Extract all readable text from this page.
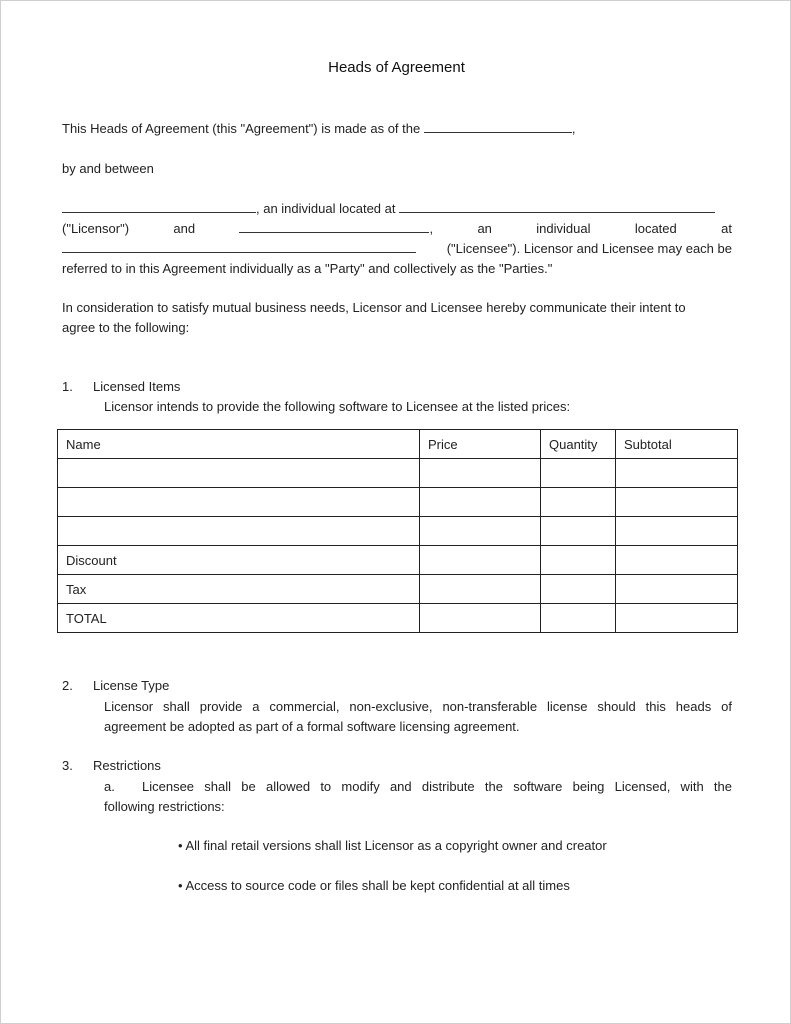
Heads of Agreement
This Heads of Agreement (this "Agreement") is made as of the	,
by and between
, an individual located at
("Licensor")	and	,	an	individual	located	at
("Licensee"). Licensor and Licensee may each be
referred to in this Agreement individually as a "Party" and collectively as the "Parties."
In consideration to satisfy mutual business needs, Licensor and Licensee hereby communicate their intent to
agree to the following:
1. Licensed Items
Licensor intends to provide the following software to Licensee at the listed prices:
Name	Price	Quantity	Subtotal

Discount			
Tax			
TOTAL			
2. License Type
Licensor shall provide a commercial, non-exclusive, non-transferable license should this heads of
agreement be adopted as part of a formal software licensing agreement.
3. Restrictions
a.	Licensee shall be allowed to modify and distribute the software being Licensed, with the
following restrictions:
• All final retail versions shall list Licensor as a copyright owner and creator
• Access to source code or files shall be kept confidential at all times
